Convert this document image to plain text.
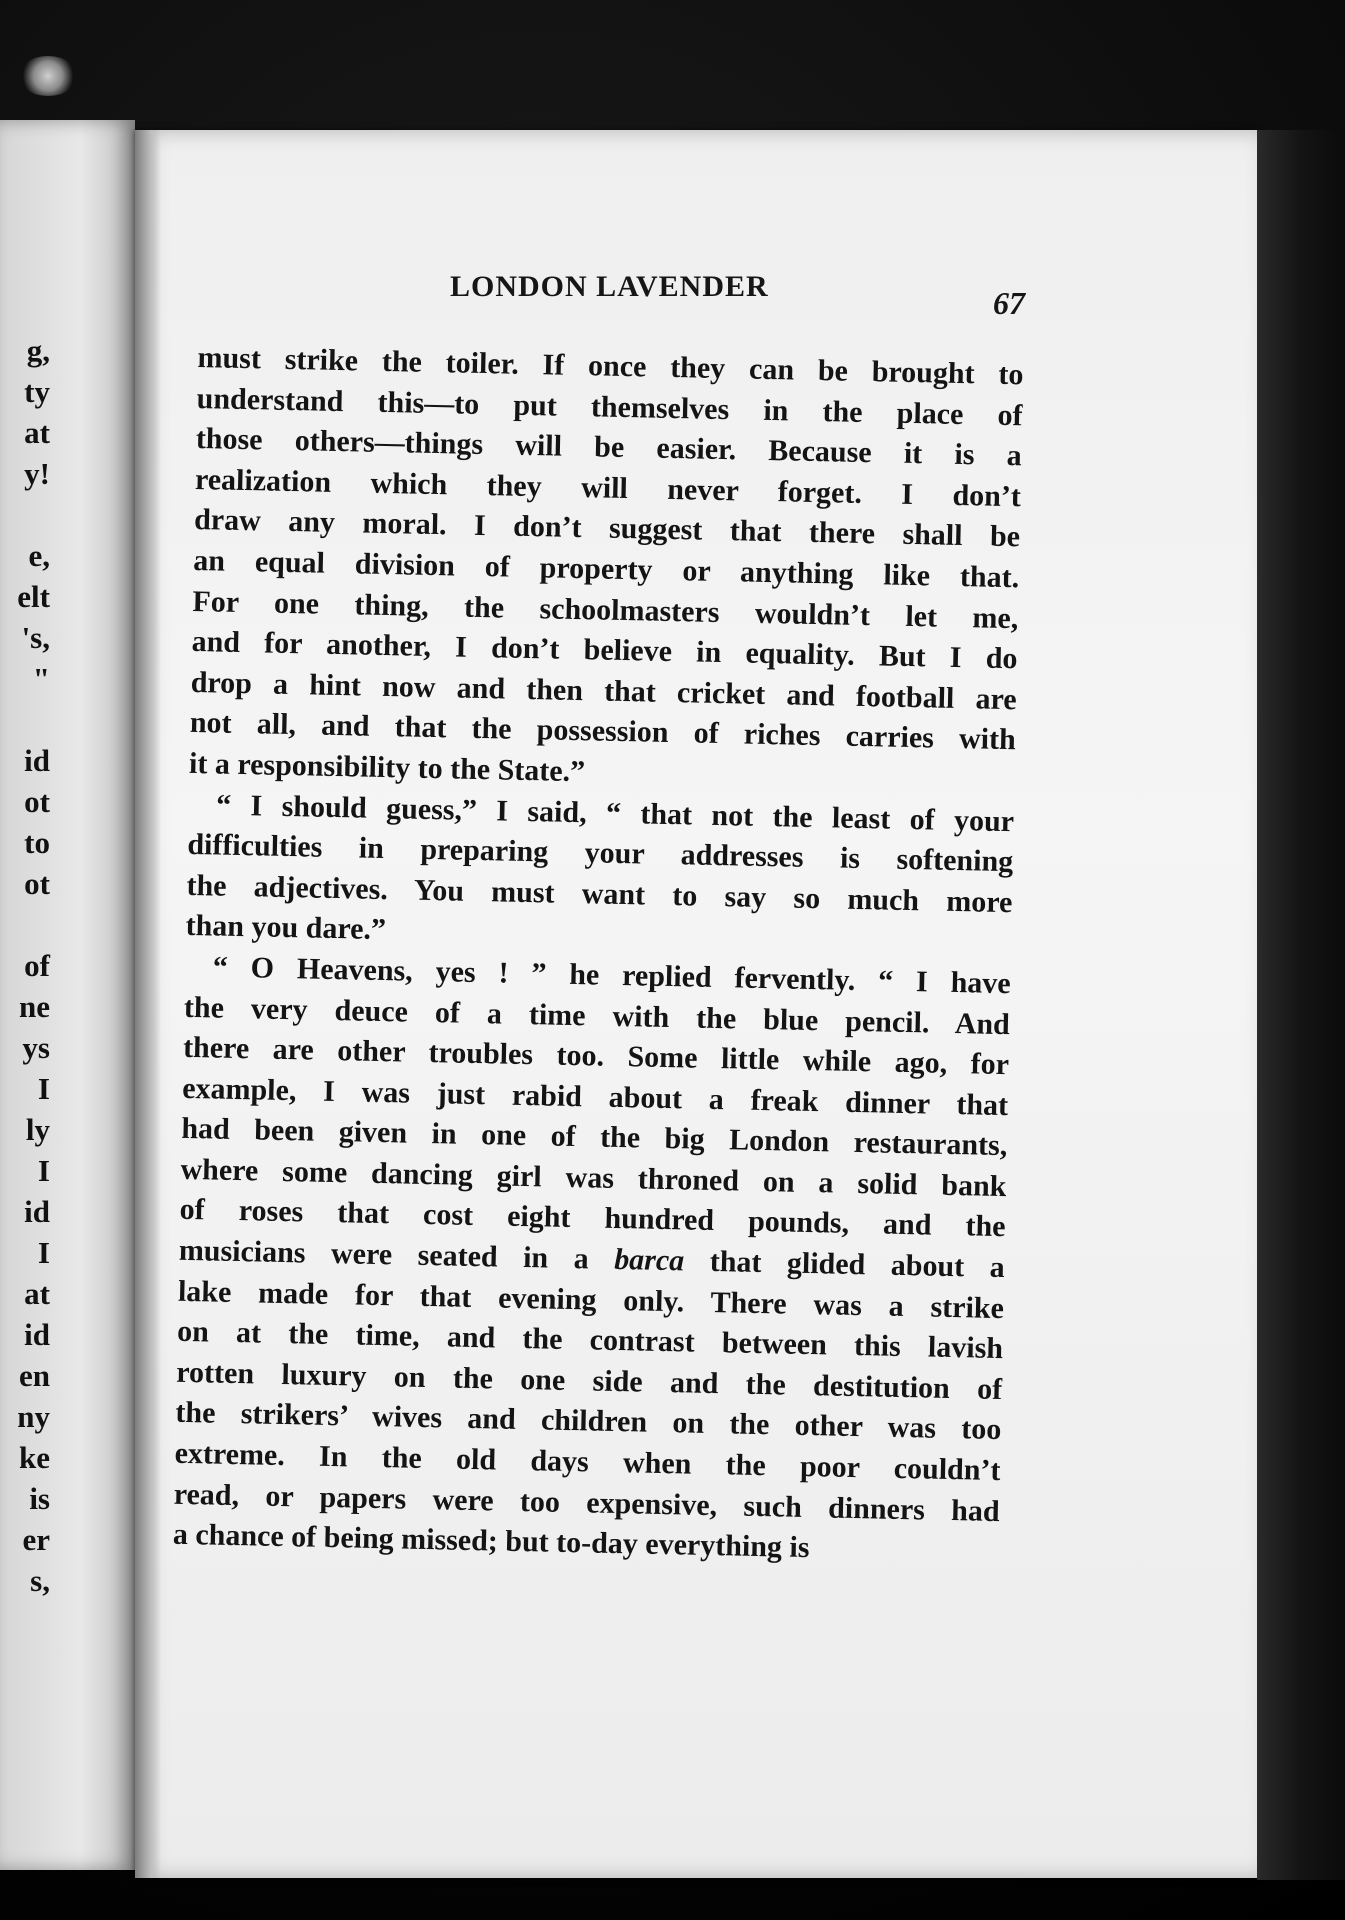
g,
ty
at
y!
e,
elt
's,
"
id
ot
to
ot
of
ne
ys
I
ly
I
id
I
at
id
en
ny
ke
is
er
s,
LONDON LAVENDER	67
must strike the toiler. If once they can be brought to
understand this—to put themselves in the place of
those others—things will be easier. Because it is a
realization which they will never forget. I don’t
draw any moral. I don’t suggest that there shall be
an equal division of property or anything like that.
For one thing, the schoolmasters wouldn’t let me,
and for another, I don’t believe in equality. But I do
drop a hint now and then that cricket and football are
not all, and that the possession of riches carries with
it a responsibility to the State.”
“ I should guess,” I said, “ that not the least of your
difficulties in preparing your addresses is softening
the adjectives. You must want to say so much more
than you dare.”
“ O Heavens, yes ! ” he replied fervently. “ I have
the very deuce of a time with the blue pencil. And
there are other troubles too. Some little while ago, for
example, I was just rabid about a freak dinner that
had been given in one of the big London restaurants,
where some dancing girl was throned on a solid bank
of roses that cost eight hundred pounds, and the
musicians were seated in a barca that glided about a
lake made for that evening only. There was a strike
on at the time, and the contrast between this lavish
rotten luxury on the one side and the destitution of
the strikers’ wives and children on the other was too
extreme. In the old days when the poor couldn’t
read, or papers were too expensive, such dinners had
a chance of being missed; but to-day everything is
